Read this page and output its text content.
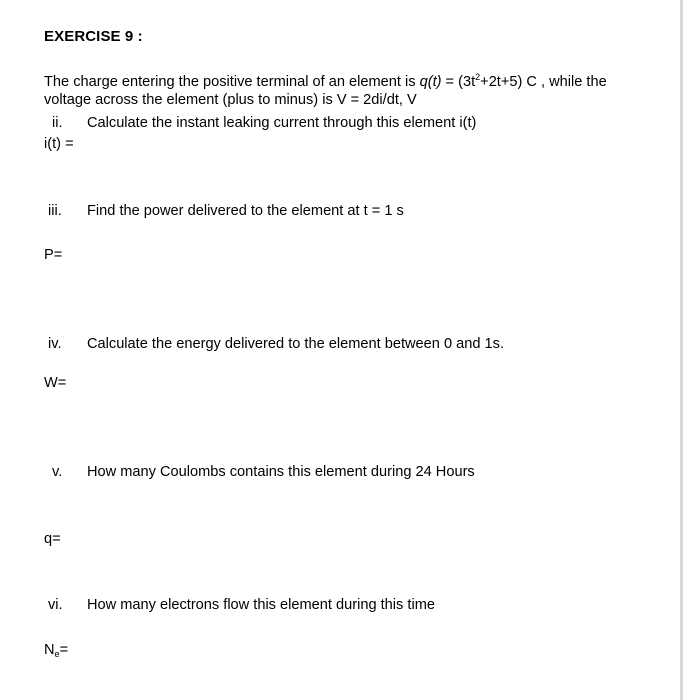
EXERCISE 9 :
The charge entering the positive terminal of an element is $q(t) = (3t^2+2t+5)$ C , while the
voltage across the element (plus to minus) is V = 2di/dt, V
ii. Calculate the instant leaking current through this element i(t)
i(t) =
iii. Find the power delivered to the element at t = 1 s
P=
iv. Calculate the energy delivered to the element between 0 and 1s.
W=
v. How many Coulombs contains this element during 24 Hours
q=
vi. How many electrons flow this element during this time
$N_e=$
